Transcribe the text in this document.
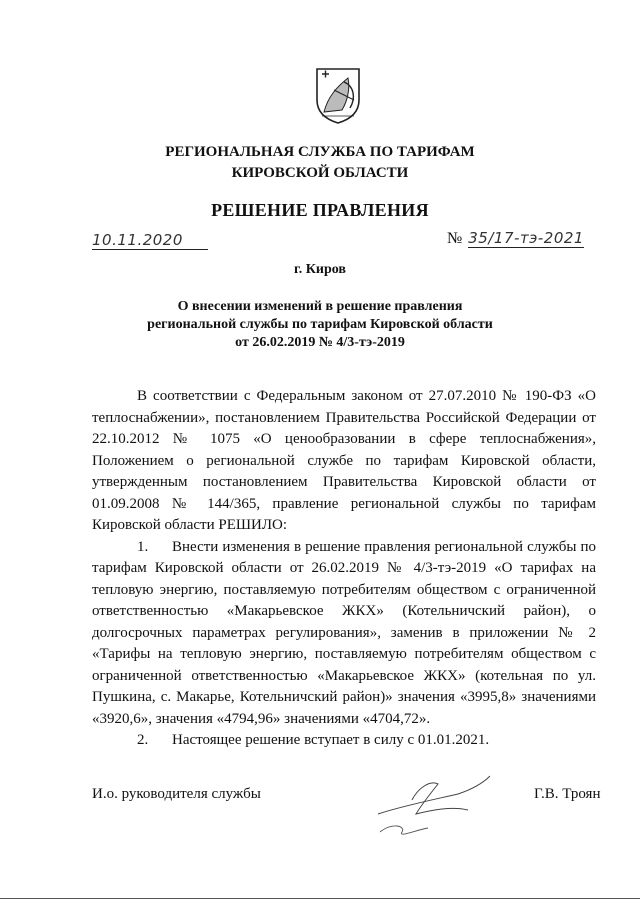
РЕГИОНАЛЬНАЯ СЛУЖБА ПО ТАРИФАМ
КИРОВСКОЙ ОБЛАСТИ
РЕШЕНИЕ ПРАВЛЕНИЯ
10.11.2020	№ 35/17-тэ-2021
г. Киров
О внесении изменений в решение правления
региональной службы по тарифам Кировской области
от 26.02.2019 № 4/3-тэ-2019

В соответствии с Федеральным законом от 27.07.2010 № 190-ФЗ «О теплоснабжении», постановлением Правительства Российской Федерации от 22.10.2012 № 1075 «О ценообразовании в сфере теплоснабжения», Положением о региональной службе по тарифам Кировской области, утвержденным постановлением Правительства Кировской области от 01.09.2008 № 144/365, правление региональной службы по тарифам Кировской области РЕШИЛО:

1. Внести изменения в решение правления региональной службы по тарифам Кировской области от 26.02.2019 № 4/3-тэ-2019 «О тарифах на тепловую энергию, поставляемую потребителям обществом с ограниченной ответственностью «Макарьевское ЖКХ» (Котельничский район), о долгосрочных параметрах регулирования», заменив в приложении № 2 «Тарифы на тепловую энергию, поставляемую потребителям обществом с ограниченной ответственностью «Макарьевское ЖКХ» (котельная по ул. Пушкина, с. Макарье, Котельничский район)» значения «3995,8» значениями «3920,6», значения «4794,96» значениями «4704,72».

2. Настоящее решение вступает в силу с 01.01.2021.

И.о. руководителя службы	Г.В. Троян
